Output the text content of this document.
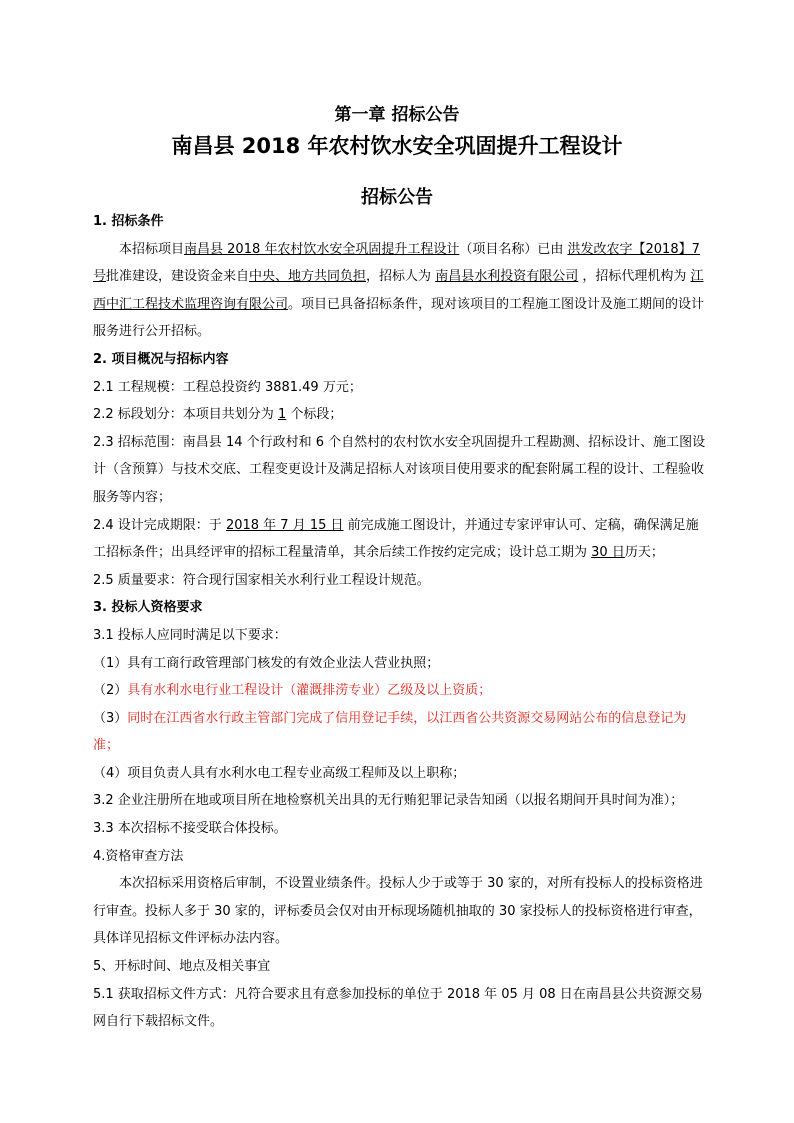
第一章 招标公告
南昌县 2018 年农村饮水安全巩固提升工程设计
招标公告

1. 招标条件

本招标项目南昌县 2018 年农村饮水安全巩固提升工程设计（项目名称）已由 洪发改农字【2018】7 号批准建设，建设资金来自中央、地方共同负担，招标人为 南昌县水利投资有限公司 ，招标代理机构为 江西中汇工程技术监理咨询有限公司。项目已具备招标条件，现对该项目的工程施工图设计及施工期间的设计服务进行公开招标。

2. 项目概况与招标内容

2.1 工程规模：工程总投资约 3881.49 万元；

2.2 标段划分：本项目共划分为 1 个标段；

2.3 招标范围：南昌县 14 个行政村和 6 个自然村的农村饮水安全巩固提升工程勘测、招标设计、施工图设计（含预算）与技术交底、工程变更设计及满足招标人对该项目使用要求的配套附属工程的设计、工程验收服务等内容；

2.4 设计完成期限：于 2018 年 7 月 15 日 前完成施工图设计，并通过专家评审认可、定稿，确保满足施工招标条件；出具经评审的招标工程量清单，其余后续工作按约定完成；设计总工期为 30 日历天；

2.5 质量要求：符合现行国家相关水利行业工程设计规范。

3. 投标人资格要求

3.1 投标人应同时满足以下要求：

（1）具有工商行政管理部门核发的有效企业法人营业执照；

（2）具有水利水电行业工程设计（灌溉排涝专业）乙级及以上资质；

（3）同时在江西省水行政主管部门完成了信用登记手续，以江西省公共资源交易网站公布的信息登记为准；

（4）项目负责人具有水利水电工程专业高级工程师及以上职称；

3.2 企业注册所在地或项目所在地检察机关出具的无行贿犯罪记录告知函（以报名期间开具时间为准）；

3.3 本次招标不接受联合体投标。

4.资格审查方法

本次招标采用资格后审制，不设置业绩条件。投标人少于或等于 30 家的，对所有投标人的投标资格进行审查。投标人多于 30 家的，评标委员会仅对由开标现场随机抽取的 30 家投标人的投标资格进行审查，具体详见招标文件评标办法内容。

5、开标时间、地点及相关事宜

5.1 获取招标文件方式：凡符合要求且有意参加投标的单位于 2018 年 05 月 08 日在南昌县公共资源交易网自行下载招标文件。
